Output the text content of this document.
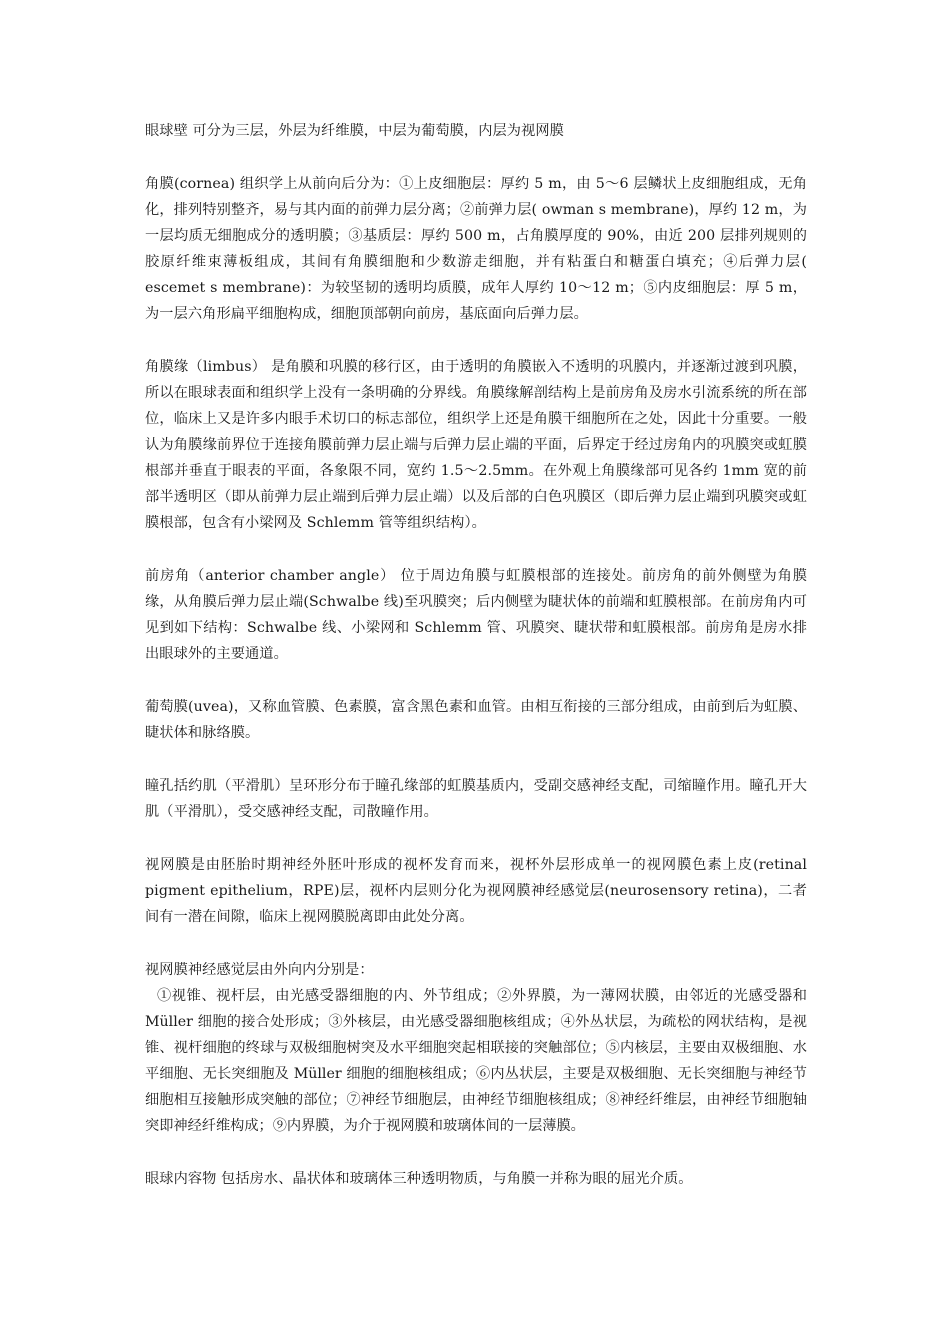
眼球壁 可分为三层，外层为纤维膜，中层为葡萄膜，内层为视网膜

角膜(cornea) 组织学上从前向后分为：①上皮细胞层：厚约 5 m，由 5～6 层鳞状上皮细胞组成，无角化，排列特别整齐，易与其内面的前弹力层分离；②前弹力层( owman s membrane)，厚约 12 m，为一层均质无细胞成分的透明膜；③基质层：厚约 500 m，占角膜厚度的 90%，由近 200 层排列规则的胶原纤维束薄板组成，其间有角膜细胞和少数游走细胞，并有粘蛋白和糖蛋白填充；④后弹力层( escemet s membrane)：为较坚韧的透明均质膜，成年人厚约 10～12 m；⑤内皮细胞层：厚 5 m，为一层六角形扁平细胞构成，细胞顶部朝向前房，基底面向后弹力层。

角膜缘（limbus） 是角膜和巩膜的移行区，由于透明的角膜嵌入不透明的巩膜内，并逐渐过渡到巩膜，所以在眼球表面和组织学上没有一条明确的分界线。角膜缘解剖结构上是前房角及房水引流系统的所在部位，临床上又是许多内眼手术切口的标志部位，组织学上还是角膜干细胞所在之处，因此十分重要。一般认为角膜缘前界位于连接角膜前弹力层止端与后弹力层止端的平面，后界定于经过房角内的巩膜突或虹膜根部并垂直于眼表的平面，各象限不同，宽约 1.5～2.5mm。在外观上角膜缘部可见各约 1mm 宽的前部半透明区（即从前弹力层止端到后弹力层止端）以及后部的白色巩膜区（即后弹力层止端到巩膜突或虹膜根部，包含有小梁网及 Schlemm 管等组织结构）。

前房角（anterior chamber angle） 位于周边角膜与虹膜根部的连接处。前房角的前外侧壁为角膜缘，从角膜后弹力层止端(Schwalbe 线)至巩膜突；后内侧壁为睫状体的前端和虹膜根部。在前房角内可见到如下结构：Schwalbe 线、小梁网和 Schlemm 管、巩膜突、睫状带和虹膜根部。前房角是房水排出眼球外的主要通道。

葡萄膜(uvea)，又称血管膜、色素膜，富含黑色素和血管。由相互衔接的三部分组成，由前到后为虹膜、睫状体和脉络膜。

瞳孔括约肌（平滑肌）呈环形分布于瞳孔缘部的虹膜基质内，受副交感神经支配，司缩瞳作用。瞳孔开大肌（平滑肌），受交感神经支配，司散瞳作用。

视网膜是由胚胎时期神经外胚叶形成的视杯发育而来，视杯外层形成单一的视网膜色素上皮(retinal pigment epithelium，RPE)层，视杯内层则分化为视网膜神经感觉层(neurosensory retina)，二者间有一潜在间隙，临床上视网膜脱离即由此处分离。

视网膜神经感觉层由外向内分别是：

①视锥、视杆层，由光感受器细胞的内、外节组成；②外界膜，为一薄网状膜，由邻近的光感受器和 Müller 细胞的接合处形成；③外核层，由光感受器细胞核组成；④外丛状层，为疏松的网状结构，是视锥、视杆细胞的终球与双极细胞树突及水平细胞突起相联接的突触部位；⑤内核层，主要由双极细胞、水平细胞、无长突细胞及 Müller 细胞的细胞核组成；⑥内丛状层，主要是双极细胞、无长突细胞与神经节细胞相互接触形成突触的部位；⑦神经节细胞层，由神经节细胞核组成；⑧神经纤维层，由神经节细胞轴突即神经纤维构成；⑨内界膜，为介于视网膜和玻璃体间的一层薄膜。

眼球内容物 包括房水、晶状体和玻璃体三种透明物质，与角膜一并称为眼的屈光介质。
